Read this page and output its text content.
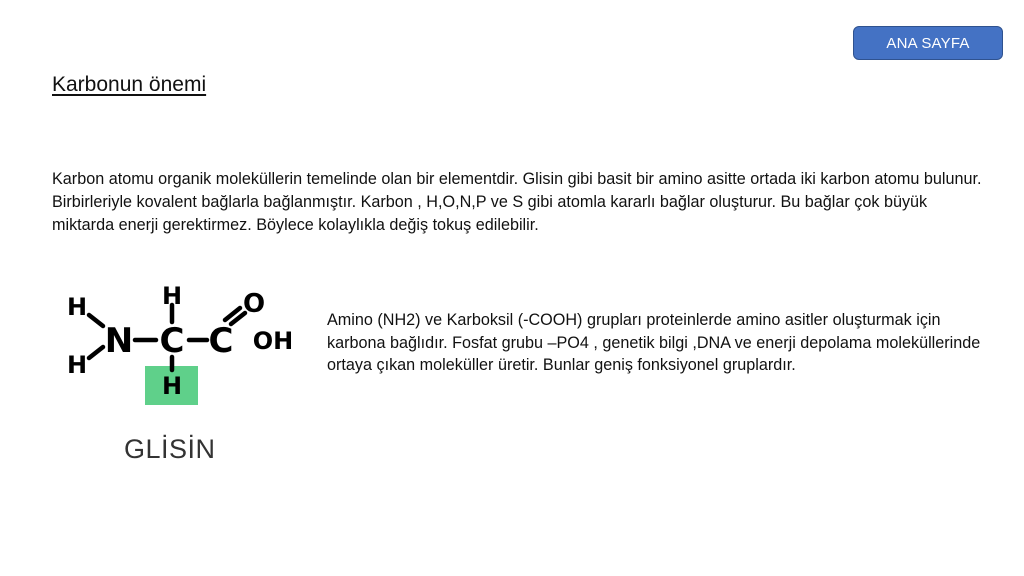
ANA SAYFA
Karbonun önemi

Karbon atomu organik moleküllerin temelinde olan bir elementdir. Glisin gibi basit bir amino asitte ortada iki karbon atomu bulunur. Birbirleriyle kovalent bağlarla bağlanmıştır. Karbon , H,O,N,P ve S gibi atomla kararlı bağlar oluşturur. Bu bağlar çok büyük miktarda enerji gerektirmez. Böylece kolaylıkla değiş tokuş edilebilir.

H
H
N
H
C
H
C
O
OH
GLİSİN

Amino (NH2) ve Karboksil (-COOH) grupları proteinlerde amino asitler oluşturmak için karbona bağlıdır. Fosfat grubu –PO4 , genetik bilgi ,DNA ve enerji depolama moleküllerinde ortaya çıkan moleküller üretir. Bunlar geniş fonksiyonel gruplardır.
